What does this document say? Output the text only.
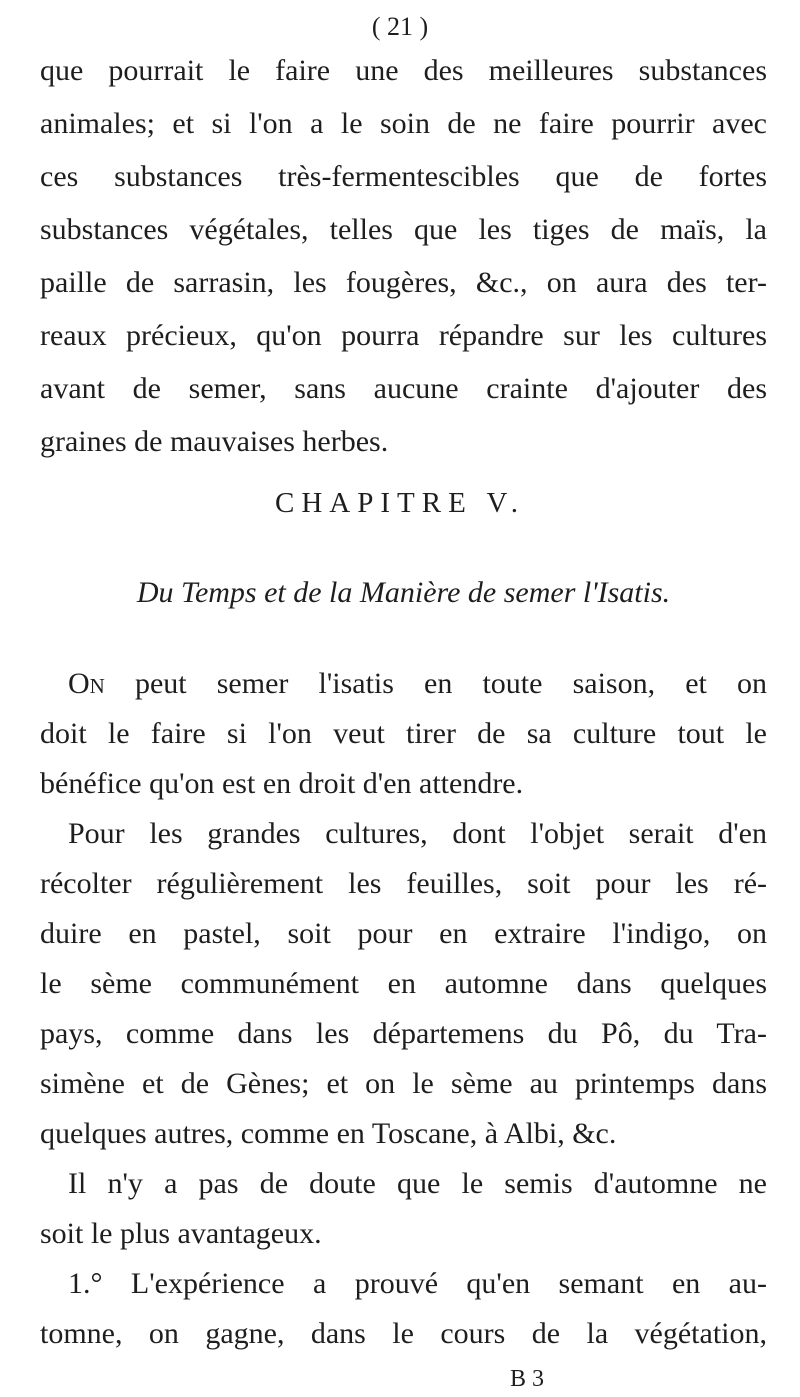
( 21 )
que pourrait le faire une des meilleures substances
animales; et si l'on a le soin de ne faire pourrir avec
ces substances très-fermentescibles que de fortes
substances végétales, telles que les tiges de maïs, la
paille de sarrasin, les fougères, &c., on aura des ter-
reaux précieux, qu'on pourra répandre sur les cultures
avant de semer, sans aucune crainte d'ajouter des
graines de mauvaises herbes.
CHAPITRE V.
Du Temps et de la Manière de semer l'Isatis.
On peut semer l'isatis en toute saison, et on
doit le faire si l'on veut tirer de sa culture tout le
bénéfice qu'on est en droit d'en attendre.
Pour les grandes cultures, dont l'objet serait d'en
récolter régulièrement les feuilles, soit pour les ré-
duire en pastel, soit pour en extraire l'indigo, on
le sème communément en automne dans quelques
pays, comme dans les départemens du Pô, du Tra-
simène et de Gènes; et on le sème au printemps dans
quelques autres, comme en Toscane, à Albi, &c.
Il n'y a pas de doute que le semis d'automne ne
soit le plus avantageux.
1.° L'expérience a prouvé qu'en semant en au-
tomne, on gagne, dans le cours de la végétation,
B 3
